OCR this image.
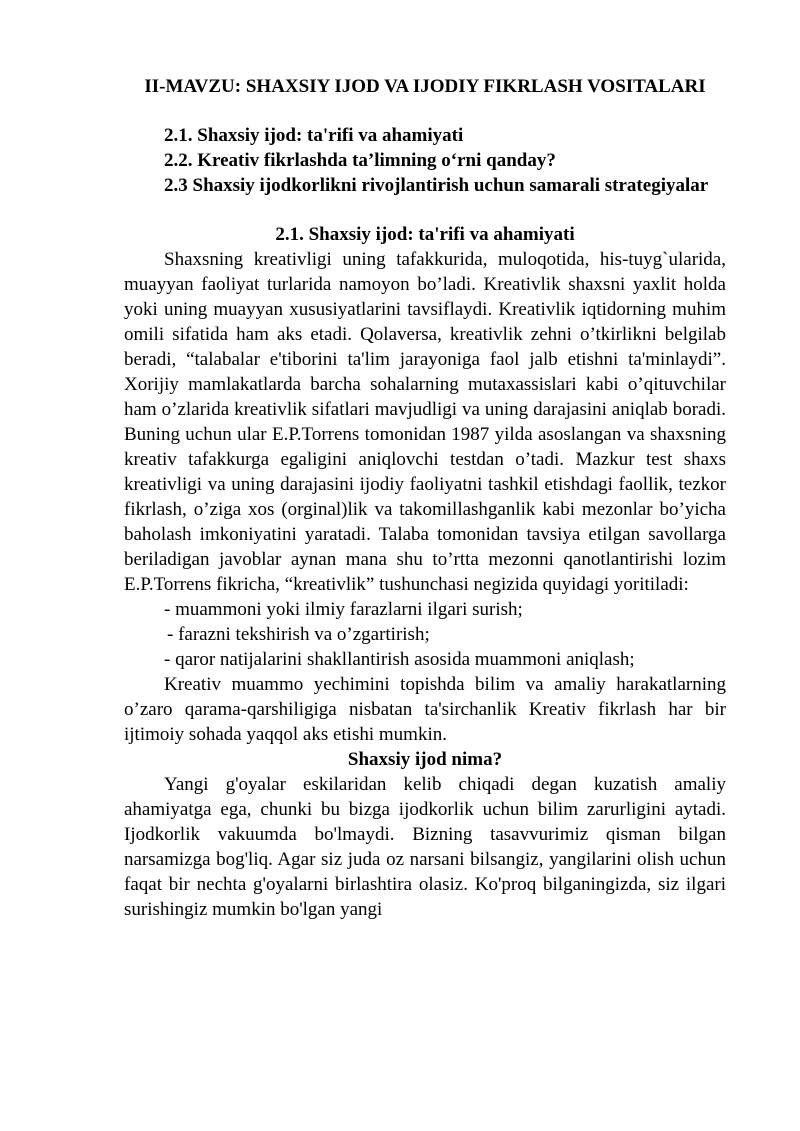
II-MAVZU: SHAXSIY IJOD VA IJODIY FIKRLASH VOSITALARI
2.1. Shaxsiy ijod: ta'rifi va ahamiyati
2.2. Kreativ fikrlashda ta’limning o‘rni qanday?
2.3 Shaxsiy ijodkorlikni rivojlantirish uchun samarali strategiyalar
2.1. Shaxsiy ijod: ta'rifi va ahamiyati

Shaxsning kreativligi uning tafakkurida, muloqotida, his-tuyg`ularida, muayyan faoliyat turlarida namoyon bo’ladi. Kreativlik shaxsni yaxlit holda yoki uning muayyan xususiyatlarini tavsiflaydi. Kreativlik iqtidorning muhim omili sifatida ham aks etadi. Qolaversa, kreativlik zehni o’tkirlikni belgilab beradi, “talabalar e'tiborini ta'lim jarayoniga faol jalb etishni ta'minlaydi”. Xorijiy mamlakatlarda barcha sohalarning mutaxassislari kabi o’qituvchilar ham o’zlarida kreativlik sifatlari mavjudligi va uning darajasini aniqlab boradi. Buning uchun ular E.P.Torrens tomonidan 1987 yilda asoslangan va shaxsning kreativ tafakkurga egaligini aniqlovchi testdan o’tadi. Mazkur test shaxs kreativligi va uning darajasini ijodiy faoliyatni tashkil etishdagi faollik, tezkor fikrlash, o’ziga xos (orginal)lik va takomillashganlik kabi mezonlar bo’yicha baholash imkoniyatini yaratadi. Talaba tomonidan tavsiya etilgan savollarga beriladigan javoblar aynan mana shu to’rtta mezonni qanotlantirishi lozim E.P.Torrens fikricha, “kreativlik” tushunchasi negizida quyidagi yoritiladi:

- muammoni yoki ilmiy farazlarni ilgari surish;
- farazni tekshirish va o’zgartirish;
- qaror natijalarini shakllantirish asosida muammoni aniqlash;

Kreativ muammo yechimini topishda bilim va amaliy harakatlarning o’zaro qarama-qarshiligiga nisbatan ta'sirchanlik Kreativ fikrlash har bir ijtimoiy sohada yaqqol aks etishi mumkin.

Shaxsiy ijod nima?

Yangi g'oyalar eskilaridan kelib chiqadi degan kuzatish amaliy ahamiyatga ega, chunki bu bizga ijodkorlik uchun bilim zarurligini aytadi. Ijodkorlik vakuumda bo'lmaydi. Bizning tasavvurimiz qisman bilgan narsamizga bog'liq. Agar siz juda oz narsani bilsangiz, yangilarini olish uchun faqat bir nechta g'oyalarni birlashtira olasiz. Ko'proq bilganingizda, siz ilgari surishingiz mumkin bo'lgan yangi
